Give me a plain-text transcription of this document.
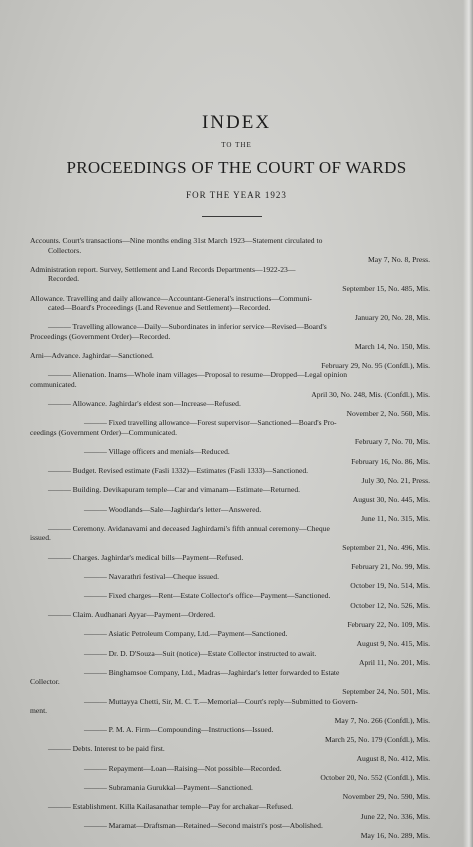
INDEX
TO THE
PROCEEDINGS OF THE COURT OF WARDS
FOR THE YEAR 1923
Accounts. Court's transactions—Nine months ending 31st March 1923—Statement circulated to
Collectors.
May 7, No. 8, Press.
Administration report. Survey, Settlement and Land Records Departments—1922-23—
Recorded.
September 15, No. 485, Mis.
Allowance. Travelling and daily allowance—Accountant-General's instructions—Communi-
cated—Board's Proceedings (Land Revenue and Settlement)—Recorded.
January 20, No. 28, Mis.
——— Travelling allowance—Daily—Subordinates in inferior service—Revised—Board's
Proceedings (Government Order)—Recorded.
March 14, No. 150, Mis.
Arni—Advance. Jaghirdar—Sanctioned.
February 29, No. 95 (Confdl.), Mis.
——— Alienation. Inams—Whole inam villages—Proposal to resume—Dropped—Legal opinion
communicated.
April 30, No. 248, Mis. (Confdl.), Mis.
——— Allowance. Jaghirdar's eldest son—Increase—Refused.
November 2, No. 560, Mis.
——— Fixed travelling allowance—Forest supervisor—Sanctioned—Board's Pro-
ceedings (Government Order)—Communicated.
February 7, No. 70, Mis.
——— Village officers and menials—Reduced.
February 16, No. 86, Mis.
——— Budget. Revised estimate (Fasli 1332)—Estimates (Fasli 1333)—Sanctioned.
July 30, No. 21, Press.
——— Building. Devikapuram temple—Car and vimanam—Estimate—Returned.
August 30, No. 445, Mis.
——— Woodlands—Sale—Jaghirdar's letter—Answered.
June 11, No. 315, Mis.
——— Ceremony. Avidanavami and deceased Jaghirdarni's fifth annual ceremony—Cheque
issued.
September 21, No. 496, Mis.
——— Charges. Jaghirdar's medical bills—Payment—Refused.
February 21, No. 99, Mis.
——— Navarathri festival—Cheque issued.
October 19, No. 514, Mis.
——— Fixed charges—Rent—Estate Collector's office—Payment—Sanctioned.
October 12, No. 526, Mis.
——— Claim. Audhanari Ayyar—Payment—Ordered.
February 22, No. 109, Mis.
——— Asiatic Petroleum Company, Ltd.—Payment—Sanctioned.
August 9, No. 415, Mis.
——— Dr. D. D'Souza—Suit (notice)—Estate Collector instructed to await.
April 11, No. 201, Mis.
——— Binghamsoe Company, Ltd., Madras—Jaghirdar's letter forwarded to Estate
Collector.
September 24, No. 501, Mis.
——— Muttayya Chetti, Sir, M. C. T.—Memorial—Court's reply—Submitted to Govern-
ment.
May 7, No. 266 (Confdl.), Mis.
——— P. M. A. Firm—Compounding—Instructions—Issued.
March 25, No. 179 (Confdl.), Mis.
——— Debts. Interest to be paid first.
August 8, No. 412, Mis.
——— Repayment—Loan—Raising—Not possible—Recorded.
October 20, No. 552 (Confdl.), Mis.
——— Subramania Gurukkal—Payment—Sanctioned.
November 29, No. 590, Mis.
——— Establishment. Killa Kailasanathar temple—Pay for archakar—Refused.
June 22, No. 336, Mis.
——— Maramat—Draftsman—Retained—Second maistri's post—Abolished.
May 16, No. 289, Mis.
